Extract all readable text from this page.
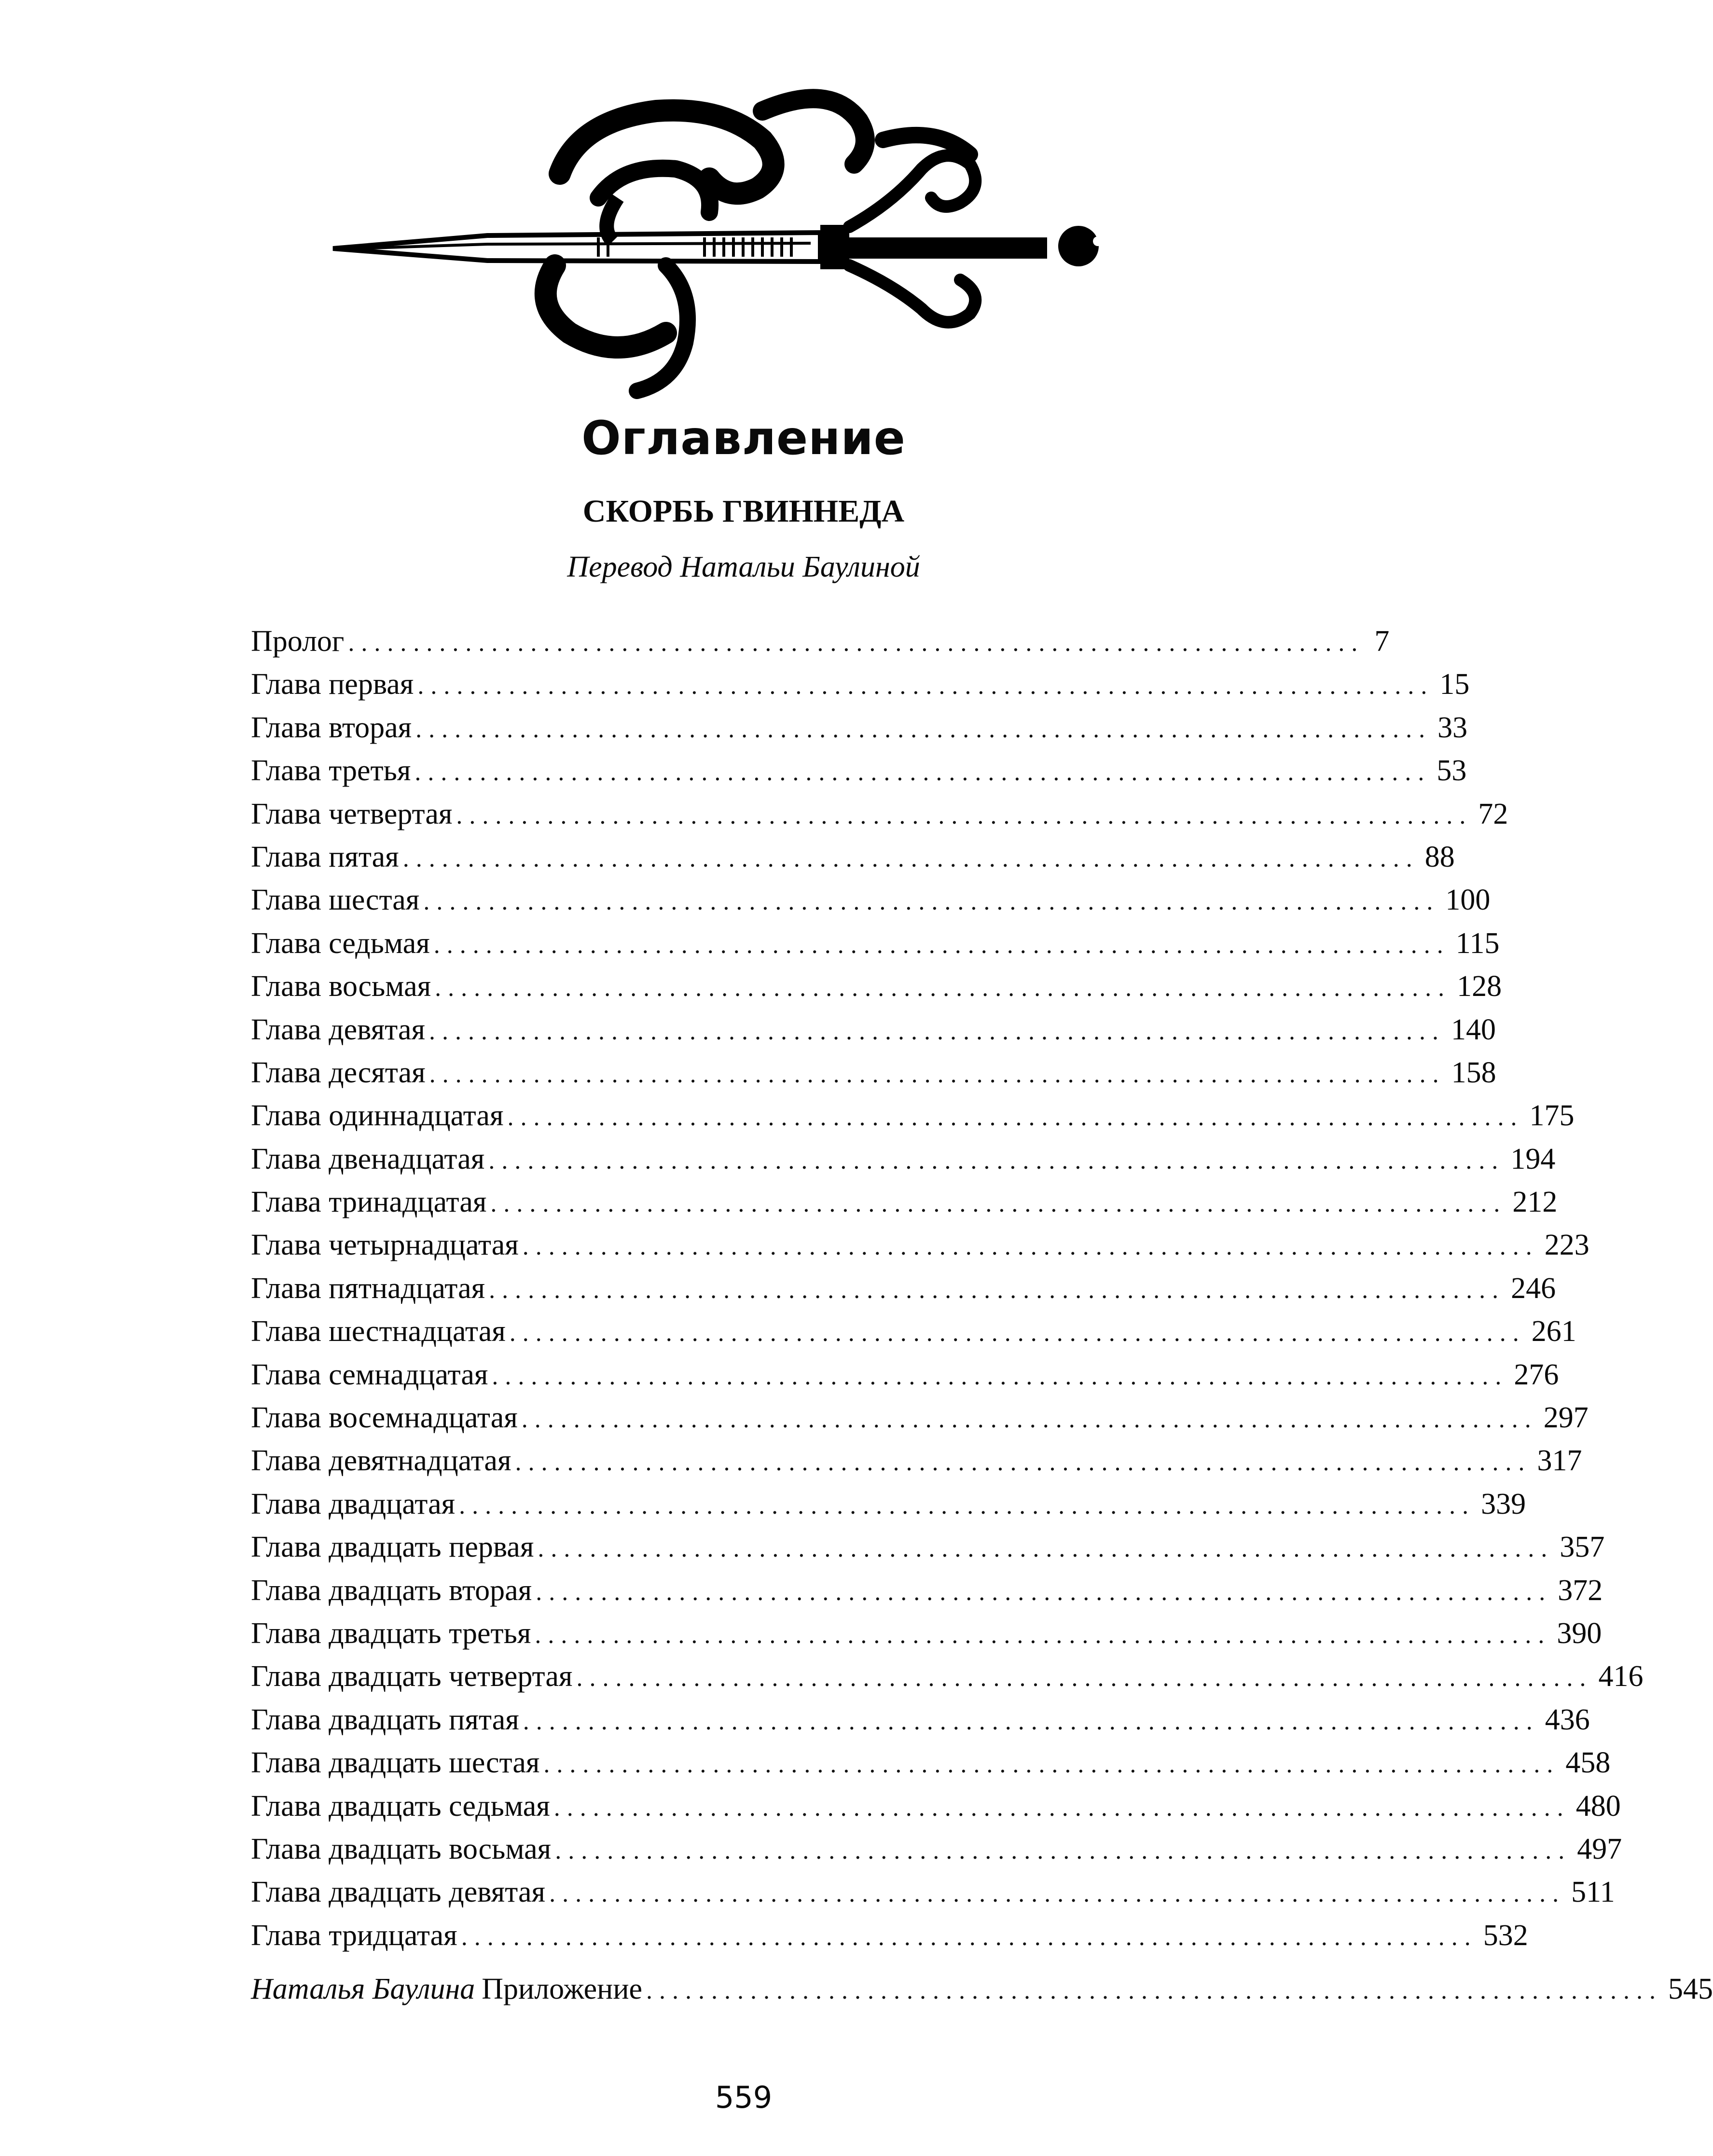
Оглавление
СКОРБЬ ГВИННЕДА
Перевод Натальи Баулиной
Пролог .............................................................................. 7
Глава первая .............................................................................. 15
Глава вторая .............................................................................. 33
Глава третья .............................................................................. 53
Глава четвертая .............................................................................. 72
Глава пятая .............................................................................. 88
Глава шестая .............................................................................. 100
Глава седьмая .............................................................................. 115
Глава восьмая .............................................................................. 128
Глава девятая .............................................................................. 140
Глава десятая .............................................................................. 158
Глава одиннадцатая .............................................................................. 175
Глава двенадцатая .............................................................................. 194
Глава тринадцатая .............................................................................. 212
Глава четырнадцатая .............................................................................. 223
Глава пятнадцатая .............................................................................. 246
Глава шестнадцатая .............................................................................. 261
Глава семнадцатая .............................................................................. 276
Глава восемнадцатая .............................................................................. 297
Глава девятнадцатая .............................................................................. 317
Глава двадцатая .............................................................................. 339
Глава двадцать первая .............................................................................. 357
Глава двадцать вторая .............................................................................. 372
Глава двадцать третья .............................................................................. 390
Глава двадцать четвертая .............................................................................. 416
Глава двадцать пятая .............................................................................. 436
Глава двадцать шестая .............................................................................. 458
Глава двадцать седьмая .............................................................................. 480
Глава двадцать восьмая .............................................................................. 497
Глава двадцать девятая .............................................................................. 511
Глава тридцатая .............................................................................. 532
Наталья Баулина Приложение .............................................................................. 545
559
